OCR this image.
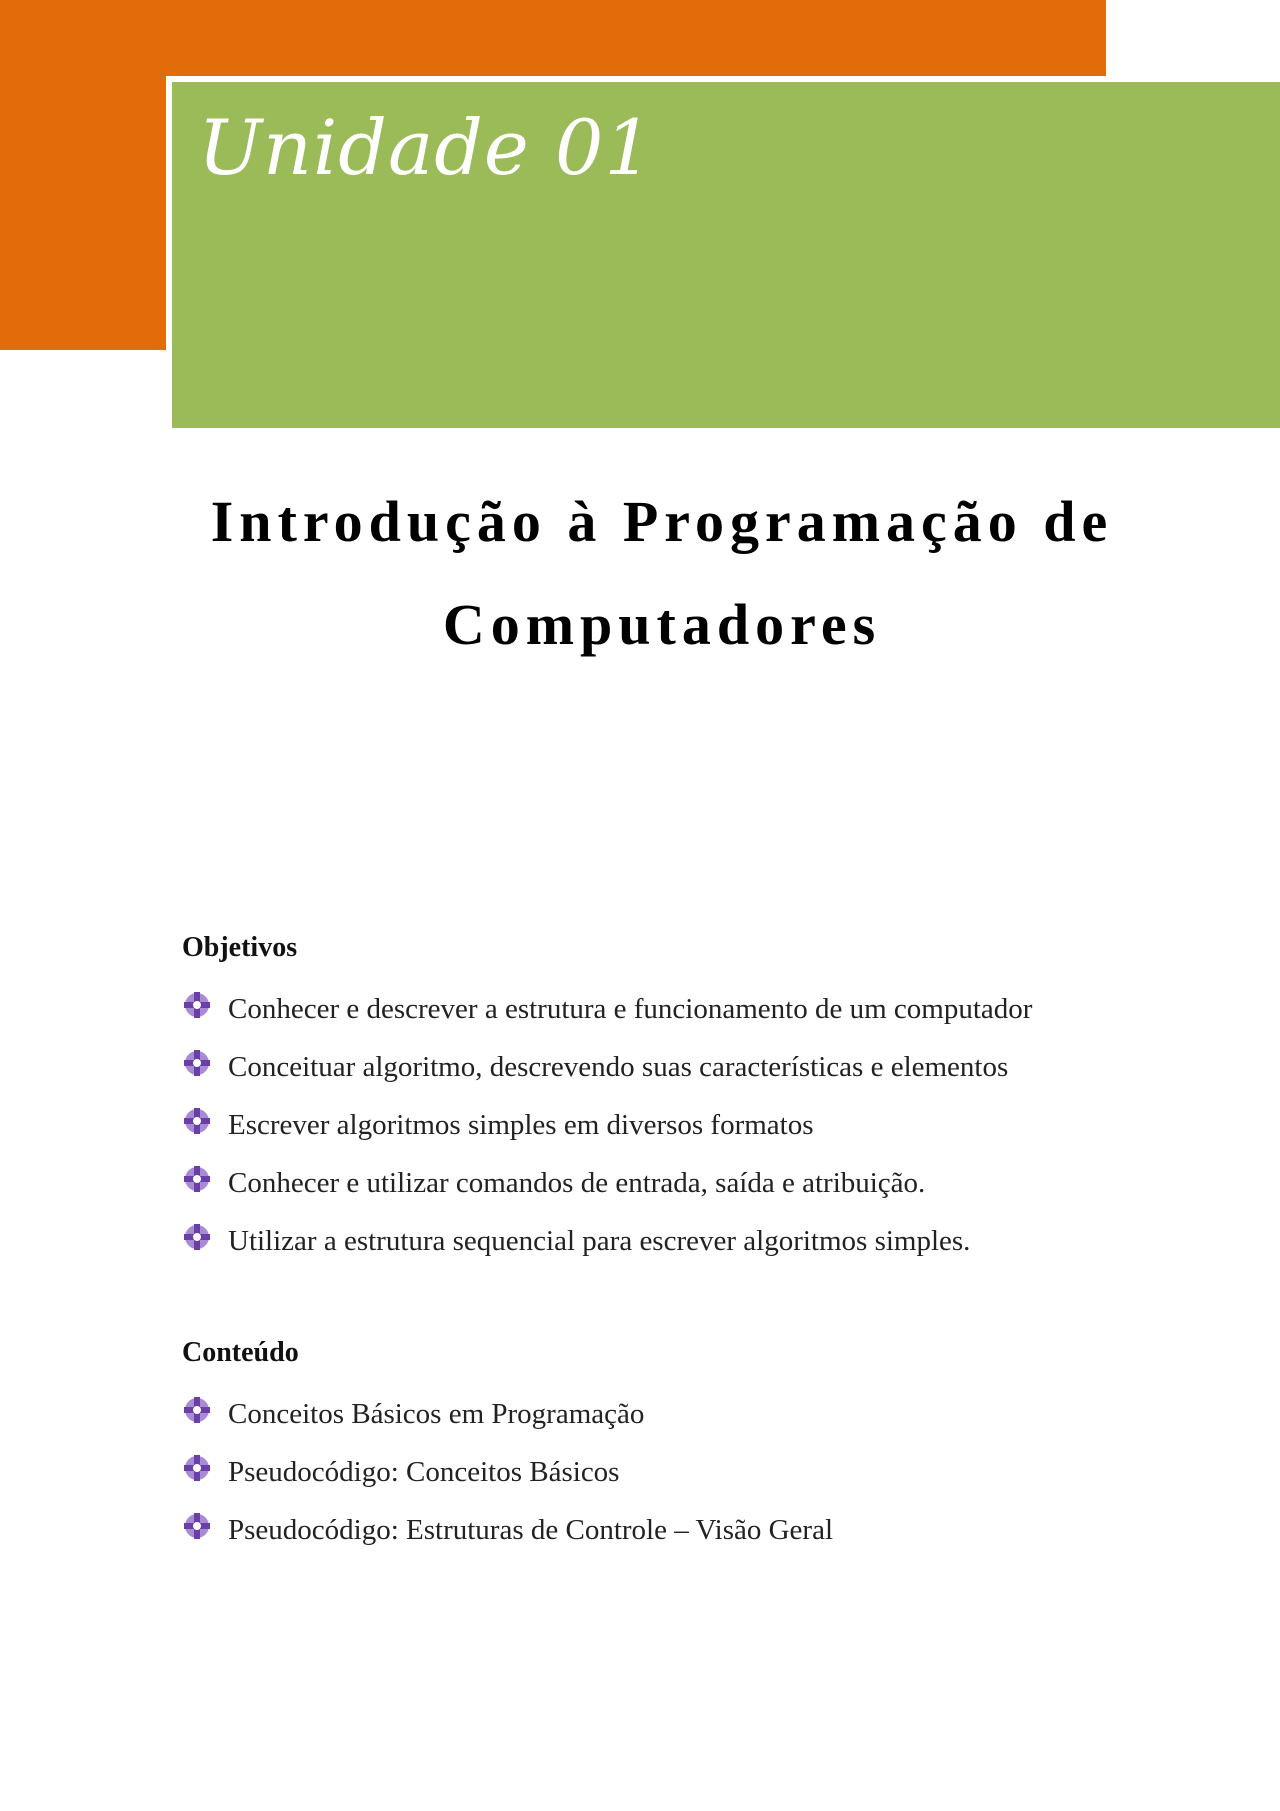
Unidade 01
Introdução à Programação de
Computadores
Objetivos
Conhecer e descrever a estrutura e funcionamento de um computador
Conceituar algoritmo, descrevendo suas características e elementos
Escrever algoritmos simples em diversos formatos
Conhecer e utilizar comandos de entrada, saída e atribuição.
Utilizar a estrutura sequencial para escrever algoritmos simples.
Conteúdo
Conceitos Básicos em Programação
Pseudocódigo: Conceitos Básicos
Pseudocódigo: Estruturas de Controle – Visão Geral
